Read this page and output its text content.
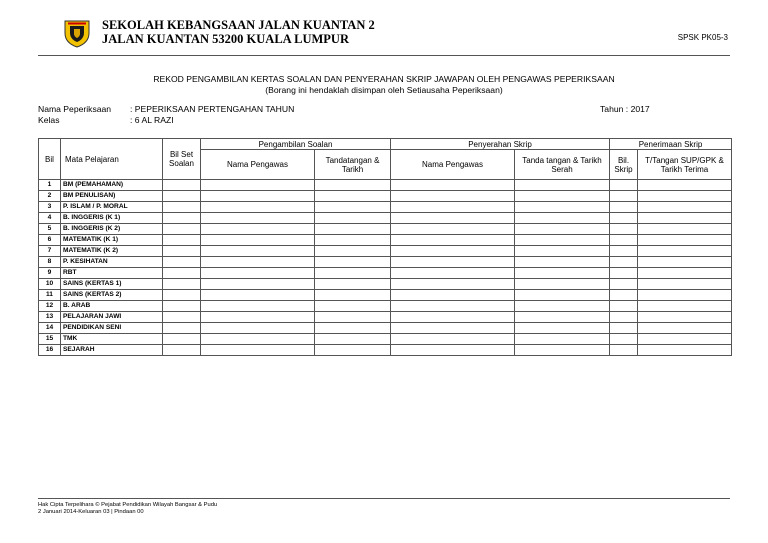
SEKOLAH KEBANGSAAN JALAN KUANTAN 2
JALAN KUANTAN 53200 KUALA LUMPUR	SPSK PK05-3
REKOD PENGAMBILAN KERTAS SOALAN DAN PENYERAHAN SKRIP JAWAPAN OLEH PENGAWAS PEPERIKSAAN
(Borang ini hendaklah disimpan oleh Setiausaha Peperiksaan)
Nama Peperiksaan : PEPERIKSAAN PERTENGAHAN TAHUN	Tahun : 2017
Kelas	: 6 AL RAZI
Bil	Mata Pelajaran	Bil Set Soalan	Pengambilan Soalan		Penyerahan Skrip		Penerimaan Skrip	
			Nama Pengawas	Tandatangan & Tarikh	Nama Pengawas	Tanda tangan & Tarikh Serah	Bil. Skrip	T/Tangan SUP/GPK & Tarikh Terima
1	BM (PEMAHAMAN)							
2	BM PENULISAN)							
3	P. ISLAM / P. MORAL							
4	B. INGGERIS (K 1)							
5	B. INGGERIS (K 2)							
6	MATEMATIK (K 1)							
7	MATEMATIK (K 2)							
8	P. KESIHATAN							
9	RBT							
10	SAINS (KERTAS 1)							
11	SAINS (KERTAS 2)							
12	B. ARAB							
13	PELAJARAN JAWI							
14	PENDIDIKAN SENI							
15	TMK							
16	SEJARAH							
Hak Cipta Terpelihara © Pejabat Pendidikan Wilayah Bangsar & Pudu
2 Januari 2014-Keluaran 03 | Pindaan 00
